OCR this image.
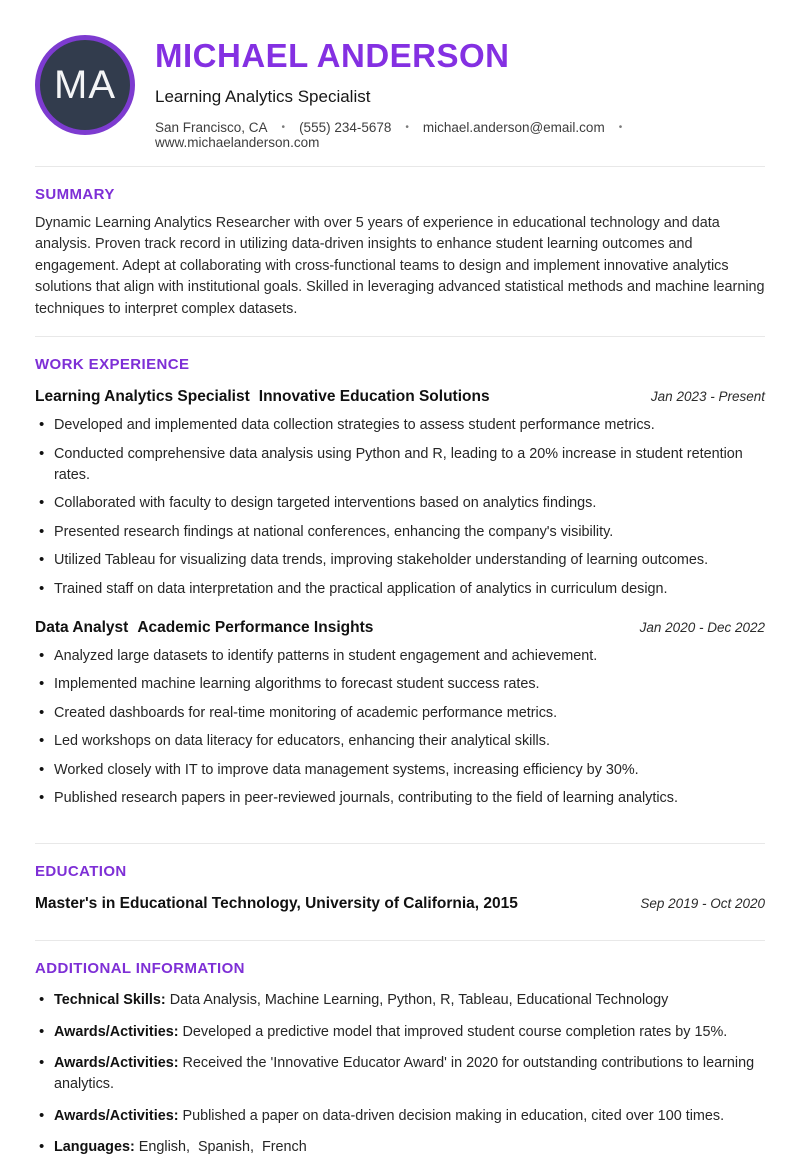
MA
MICHAEL ANDERSON
Learning Analytics Specialist
San Francisco, CA • (555) 234-5678 • michael.anderson@email.com •
www.michaelanderson.com
SUMMARY

Dynamic Learning Analytics Researcher with over 5 years of experience in educational technology and data analysis. Proven track record in utilizing data-driven insights to enhance student learning outcomes and engagement. Adept at collaborating with cross-functional teams to design and implement innovative analytics solutions that align with institutional goals. Skilled in leveraging advanced statistical methods and machine learning techniques to interpret complex datasets.

WORK EXPERIENCE
Learning Analytics Specialist Innovative Education Solutions	Jan 2023 - Present
• Developed and implemented data collection strategies to assess student performance metrics.
• Conducted comprehensive data analysis using Python and R, leading to a 20% increase in student retention rates.
• Collaborated with faculty to design targeted interventions based on analytics findings.
• Presented research findings at national conferences, enhancing the company's visibility.
• Utilized Tableau for visualizing data trends, improving stakeholder understanding of learning outcomes.
• Trained staff on data interpretation and the practical application of analytics in curriculum design.
Data Analyst Academic Performance Insights	Jan 2020 - Dec 2022
• Analyzed large datasets to identify patterns in student engagement and achievement.
• Implemented machine learning algorithms to forecast student success rates.
• Created dashboards for real-time monitoring of academic performance metrics.
• Led workshops on data literacy for educators, enhancing their analytical skills.
• Worked closely with IT to improve data management systems, increasing efficiency by 30%.
• Published research papers in peer-reviewed journals, contributing to the field of learning analytics.
EDUCATION
Master's in Educational Technology, University of California, 2015	Sep 2019 - Oct 2020
ADDITIONAL INFORMATION
• Technical Skills: Data Analysis, Machine Learning, Python, R, Tableau, Educational Technology
• Awards/Activities: Developed a predictive model that improved student course completion rates by 15%.
• Awards/Activities: Received the 'Innovative Educator Award' in 2020 for outstanding contributions to learning analytics.
• Awards/Activities: Published a paper on data-driven decision making in education, cited over 100 times.
• Languages: English,  Spanish,  French
